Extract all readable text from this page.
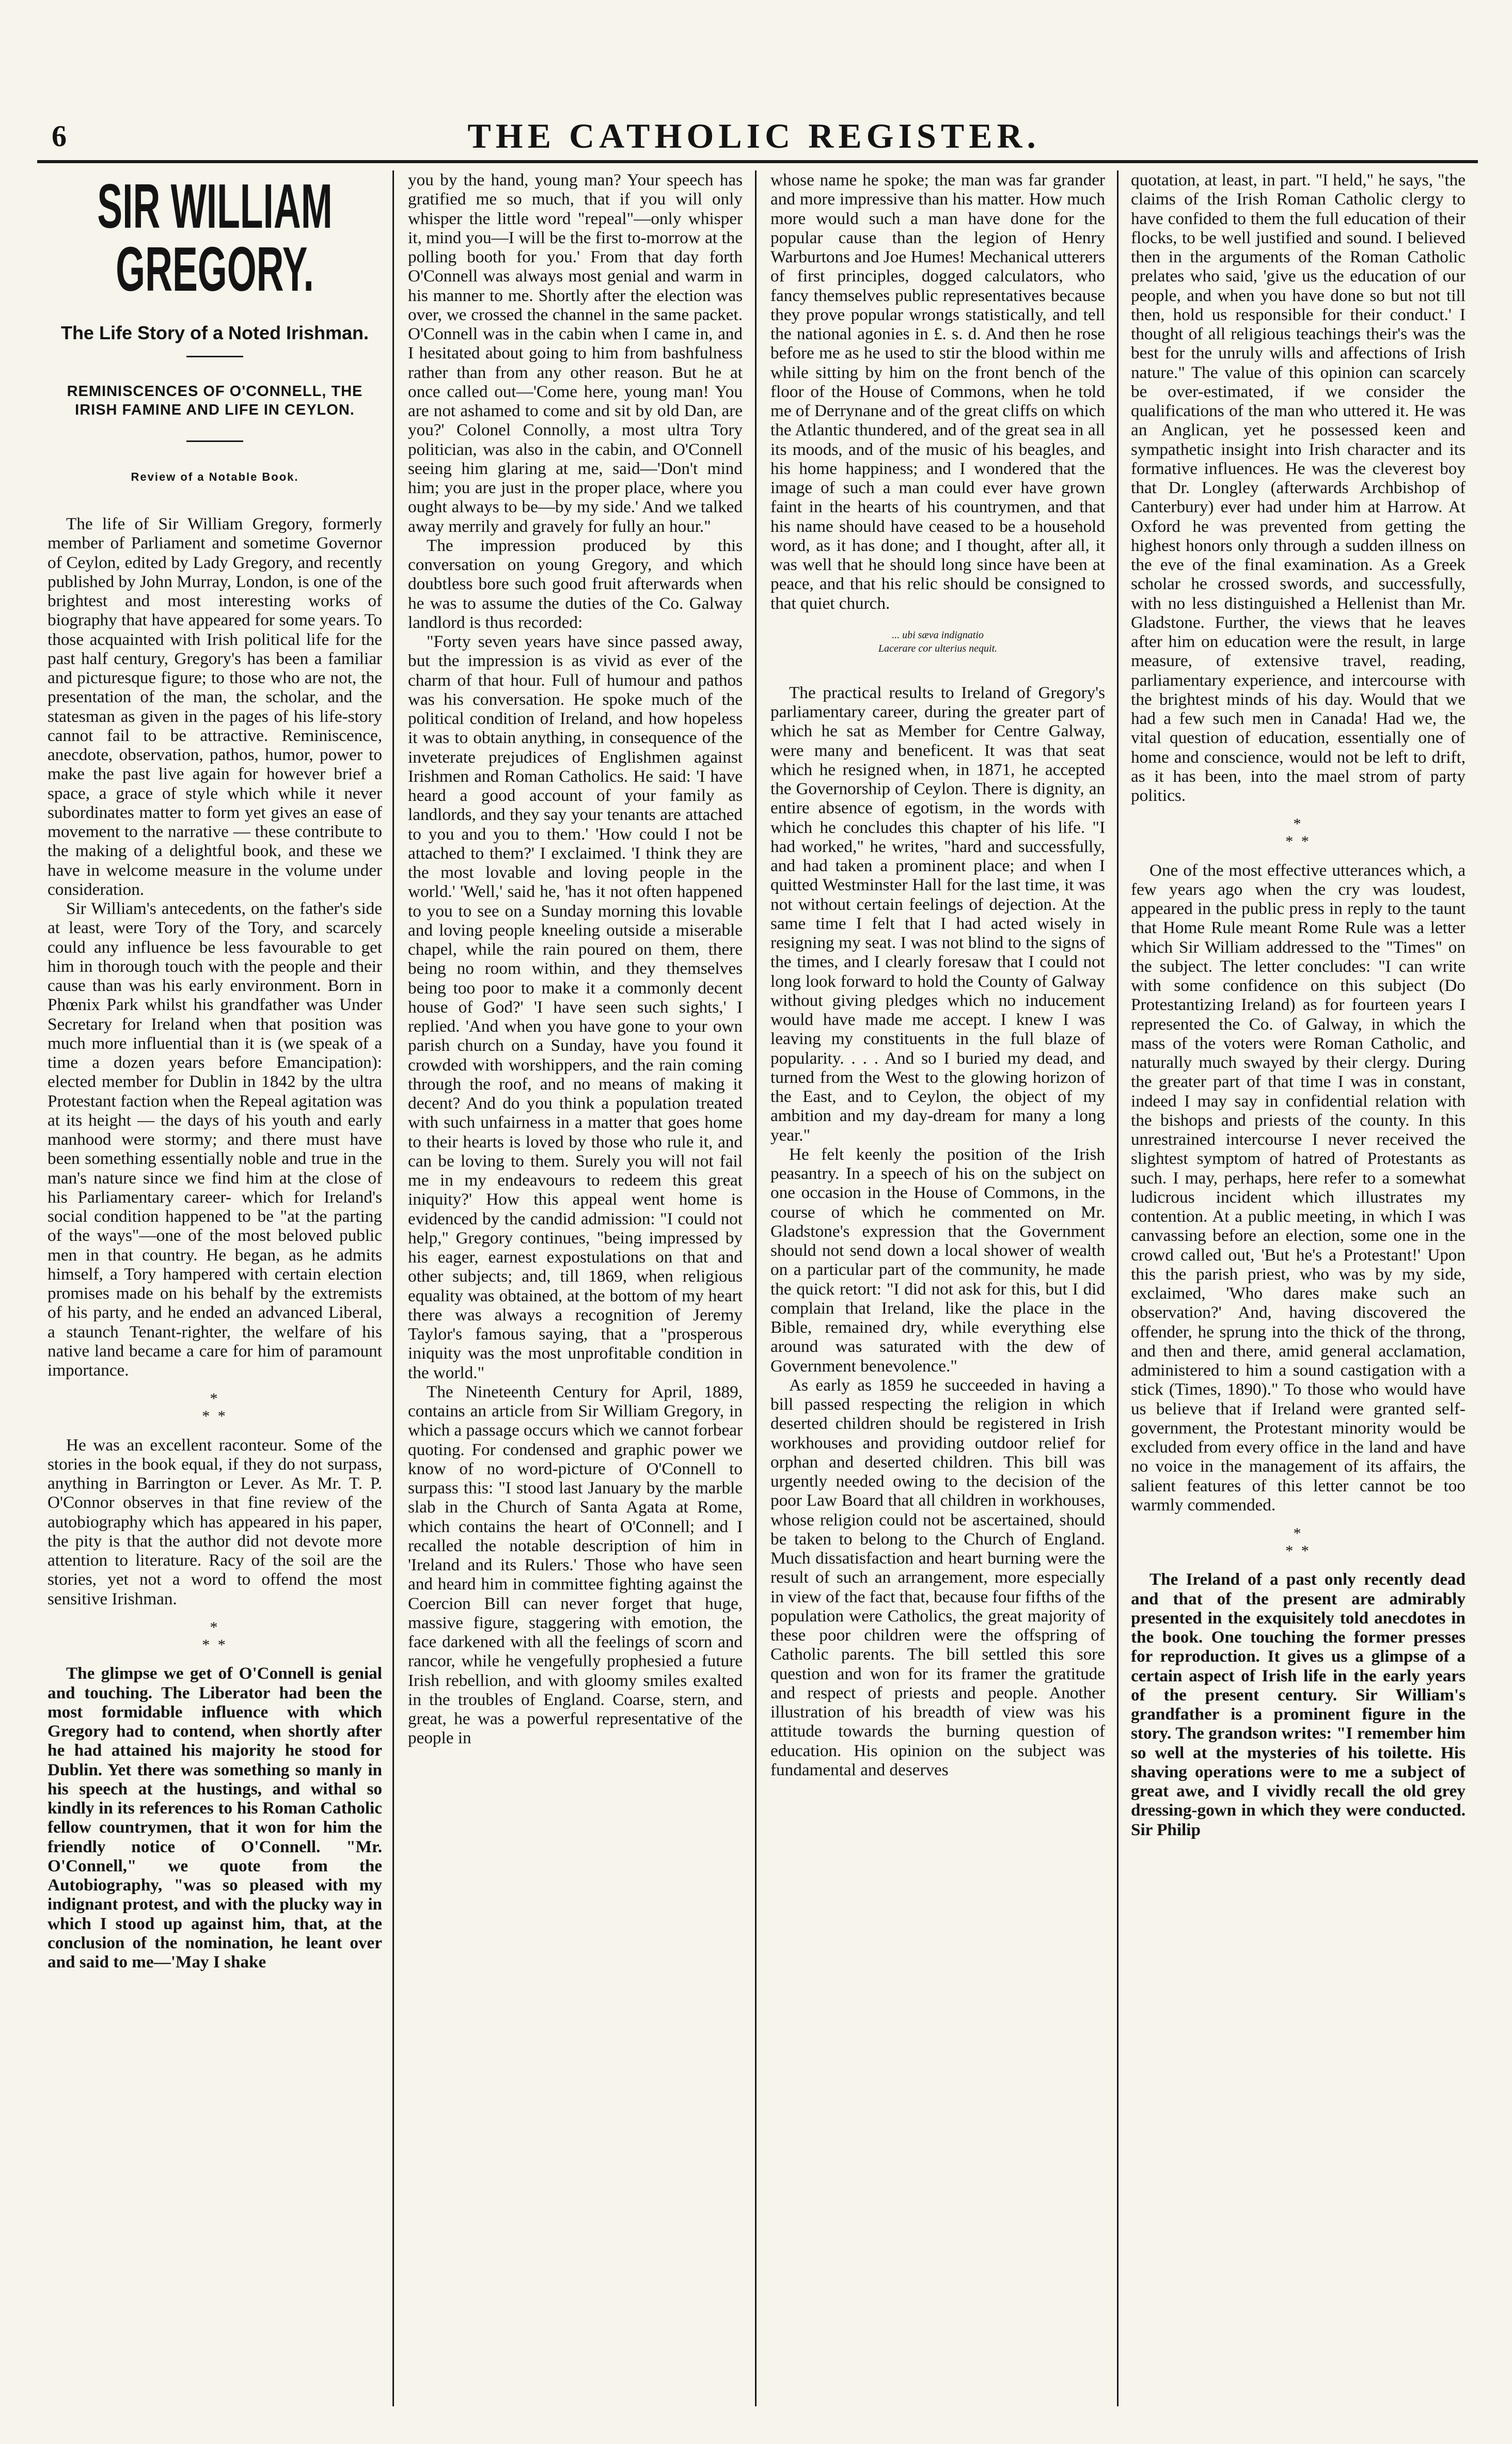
6	THE CATHOLIC REGISTER.
SIR WILLIAM GREGORY.
The Life Story of a Noted Irishman.
REMINISCENCES OF O'CONNELL, THE IRISH FAMINE AND LIFE IN CEYLON.
Review of a Notable Book.

The life of Sir William Gregory, formerly member of Parliament and sometime Governor of Ceylon, edited by Lady Gregory, and recently published by John Murray, London, is one of the brightest and most interesting works of biography that have appeared for some years. To those acquainted with Irish political life for the past half century, Gregory's has been a familiar and picturesque figure; to those who are not, the presentation of the man, the scholar, and the statesman as given in the pages of his life-story cannot fail to be attractive. Reminiscence, anecdote, observation, pathos, humor, power to make the past live again for however brief a space, a grace of style which while it never subordinates matter to form yet gives an ease of movement to the narrative — these contribute to the making of a delightful book, and these we have in welcome measure in the volume under consideration.

Sir William's antecedents, on the father's side at least, were Tory of the Tory, and scarcely could any influence be less favourable to get him in thorough touch with the people and their cause than was his early environment. Born in Phœnix Park whilst his grandfather was Under Secretary for Ireland when that position was much more influential than it is (we speak of a time a dozen years before Emancipation): elected member for Dublin in 1842 by the ultra Protestant faction when the Repeal agitation was at its height — the days of his youth and early manhood were stormy; and there must have been something essentially noble and true in the man's nature since we find him at the close of his Parliamentary career- which for Ireland's social condition happened to be "at the parting of the ways"—one of the most beloved public men in that country. He began, as he admits himself, a Tory hampered with certain election promises made on his behalf by the extremists of his party, and he ended an advanced Liberal, a staunch Tenant-righter, the welfare of his native land became a care for him of paramount importance.

*
* *

He was an excellent raconteur. Some of the stories in the book equal, if they do not surpass, anything in Barrington or Lever. As Mr. T. P. O'Connor observes in that fine review of the autobiography which has appeared in his paper, the pity is that the author did not devote more attention to literature. Racy of the soil are the stories, yet not a word to offend the most sensitive Irishman.

*
* *

The glimpse we get of O'Connell is genial and touching. The Liberator had been the most formidable influence with which Gregory had to contend, when shortly after he had attained his majority he stood for Dublin. Yet there was something so manly in his speech at the hustings, and withal so kindly in its references to his Roman Catholic fellow countrymen, that it won for him the friendly notice of O'Connell. "Mr. O'Connell," we quote from the Autobiography, "was so pleased with my indignant protest, and with the plucky way in which I stood up against him, that, at the conclusion of the nomination, he leant over and said to me—'May I shake

you by the hand, young man? Your speech has gratified me so much, that if you will only whisper the little word "repeal"—only whisper it, mind you—I will be the first to-morrow at the polling booth for you.' From that day forth O'Connell was always most genial and warm in his manner to me. Shortly after the election was over, we crossed the channel in the same packet. O'Connell was in the cabin when I came in, and I hesitated about going to him from bashfulness rather than from any other reason. But he at once called out—'Come here, young man! You are not ashamed to come and sit by old Dan, are you?' Colonel Connolly, a most ultra Tory politician, was also in the cabin, and O'Connell seeing him glaring at me, said—'Don't mind him; you are just in the proper place, where you ought always to be—by my side.' And we talked away merrily and gravely for fully an hour."

The impression produced by this conversation on young Gregory, and which doubtless bore such good fruit afterwards when he was to assume the duties of the Co. Galway landlord is thus recorded:

"Forty seven years have since passed away, but the impression is as vivid as ever of the charm of that hour. Full of humour and pathos was his conversation. He spoke much of the political condition of Ireland, and how hopeless it was to obtain anything, in consequence of the inveterate prejudices of Englishmen against Irishmen and Roman Catholics. He said: 'I have heard a good account of your family as landlords, and they say your tenants are attached to you and you to them.' 'How could I not be attached to them?' I exclaimed. 'I think they are the most lovable and loving people in the world.' 'Well,' said he, 'has it not often happened to you to see on a Sunday morning this lovable and loving people kneeling outside a miserable chapel, while the rain poured on them, there being no room within, and they themselves being too poor to make it a commonly decent house of God?' 'I have seen such sights,' I replied. 'And when you have gone to your own parish church on a Sunday, have you found it crowded with worshippers, and the rain coming through the roof, and no means of making it decent? And do you think a population treated with such unfairness in a matter that goes home to their hearts is loved by those who rule it, and can be loving to them. Surely you will not fail me in my endeavours to redeem this great iniquity?' How this appeal went home is evidenced by the candid admission: "I could not help," Gregory continues, "being impressed by his eager, earnest expostulations on that and other subjects; and, till 1869, when religious equality was obtained, at the bottom of my heart there was always a recognition of Jeremy Taylor's famous saying, that a "prosperous iniquity was the most unprofitable condition in the world."

The Nineteenth Century for April, 1889, contains an article from Sir William Gregory, in which a passage occurs which we cannot forbear quoting. For condensed and graphic power we know of no word-picture of O'Connell to surpass this: "I stood last January by the marble slab in the Church of Santa Agata at Rome, which contains the heart of O'Connell; and I recalled the notable description of him in 'Ireland and its Rulers.' Those who have seen and heard him in committee fighting against the Coercion Bill can never forget that huge, massive figure, staggering with emotion, the face darkened with all the feelings of scorn and rancor, while he vengefully prophesied a future Irish rebellion, and with gloomy smiles exalted in the troubles of England. Coarse, stern, and great, he was a powerful representative of the people in

whose name he spoke; the man was far grander and more impressive than his matter. How much more would such a man have done for the popular cause than the legion of Henry Warburtons and Joe Humes! Mechanical utterers of first principles, dogged calculators, who fancy themselves public representatives because they prove popular wrongs statistically, and tell the national agonies in £. s. d. And then he rose before me as he used to stir the blood within me while sitting by him on the front bench of the floor of the House of Commons, when he told me of Derrynane and of the great cliffs on which the Atlantic thundered, and of the great sea in all its moods, and of the music of his beagles, and his home happiness; and I wondered that the image of such a man could ever have grown faint in the hearts of his countrymen, and that his name should have ceased to be a household word, as it has done; and I thought, after all, it was well that he should long since have been at peace, and that his relic should be consigned to that quiet church.

... ubi sæva indignatio
Lacerare cor ulterius nequit.

The practical results to Ireland of Gregory's parliamentary career, during the greater part of which he sat as Member for Centre Galway, were many and beneficent. It was that seat which he resigned when, in 1871, he accepted the Governorship of Ceylon. There is dignity, an entire absence of egotism, in the words with which he concludes this chapter of his life. "I had worked," he writes, "hard and successfully, and had taken a prominent place; and when I quitted Westminster Hall for the last time, it was not without certain feelings of dejection. At the same time I felt that I had acted wisely in resigning my seat. I was not blind to the signs of the times, and I clearly foresaw that I could not long look forward to hold the County of Galway without giving pledges which no inducement would have made me accept. I knew I was leaving my constituents in the full blaze of popularity. . . . And so I buried my dead, and turned from the West to the glowing horizon of the East, and to Ceylon, the object of my ambition and my day-dream for many a long year."

He felt keenly the position of the Irish peasantry. In a speech of his on the subject on one occasion in the House of Commons, in the course of which he commented on Mr. Gladstone's expression that the Government should not send down a local shower of wealth on a particular part of the community, he made the quick retort: "I did not ask for this, but I did complain that Ireland, like the place in the Bible, remained dry, while everything else around was saturated with the dew of Government benevolence."

As early as 1859 he succeeded in having a bill passed respecting the religion in which deserted children should be registered in Irish workhouses and providing outdoor relief for orphan and deserted children. This bill was urgently needed owing to the decision of the poor Law Board that all children in workhouses, whose religion could not be ascertained, should be taken to belong to the Church of England. Much dissatisfaction and heart burning were the result of such an arrangement, more especially in view of the fact that, because four fifths of the population were Catholics, the great majority of these poor children were the offspring of Catholic parents. The bill settled this sore question and won for its framer the gratitude and respect of priests and people. Another illustration of his breadth of view was his attitude towards the burning question of education. His opinion on the subject was fundamental and deserves

quotation, at least, in part. "I held," he says, "the claims of the Irish Roman Catholic clergy to have confided to them the full education of their flocks, to be well justified and sound. I believed then in the arguments of the Roman Catholic prelates who said, 'give us the education of our people, and when you have done so but not till then, hold us responsible for their conduct.' I thought of all religious teachings their's was the best for the unruly wills and affections of Irish nature." The value of this opinion can scarcely be over-estimated, if we consider the qualifications of the man who uttered it. He was an Anglican, yet he possessed keen and sympathetic insight into Irish character and its formative influences. He was the cleverest boy that Dr. Longley (afterwards Archbishop of Canterbury) ever had under him at Harrow. At Oxford he was prevented from getting the highest honors only through a sudden illness on the eve of the final examination. As a Greek scholar he crossed swords, and successfully, with no less distinguished a Hellenist than Mr. Gladstone. Further, the views that he leaves after him on education were the result, in large measure, of extensive travel, reading, parliamentary experience, and intercourse with the brightest minds of his day. Would that we had a few such men in Canada! Had we, the vital question of education, essentially one of home and conscience, would not be left to drift, as it has been, into the mael strom of party politics.

*
* *

One of the most effective utterances which, a few years ago when the cry was loudest, appeared in the public press in reply to the taunt that Home Rule meant Rome Rule was a letter which Sir William addressed to the "Times" on the subject. The letter concludes: "I can write with some confidence on this subject (Do Protestantizing Ireland) as for fourteen years I represented the Co. of Galway, in which the mass of the voters were Roman Catholic, and naturally much swayed by their clergy. During the greater part of that time I was in constant, indeed I may say in confidential relation with the bishops and priests of the county. In this unrestrained intercourse I never received the slightest symptom of hatred of Protestants as such. I may, perhaps, here refer to a somewhat ludicrous incident which illustrates my contention. At a public meeting, in which I was canvassing before an election, some one in the crowd called out, 'But he's a Protestant!' Upon this the parish priest, who was by my side, exclaimed, 'Who dares make such an observation?' And, having discovered the offender, he sprung into the thick of the throng, and then and there, amid general acclamation, administered to him a sound castigation with a stick (Times, 1890)." To those who would have us believe that if Ireland were granted self-government, the Protestant minority would be excluded from every office in the land and have no voice in the management of its affairs, the salient features of this letter cannot be too warmly commended.

*
* *

The Ireland of a past only recently dead and that of the present are admirably presented in the exquisitely told anecdotes in the book. One touching the former presses for reproduction. It gives us a glimpse of a certain aspect of Irish life in the early years of the present century. Sir William's grandfather is a prominent figure in the story. The grandson writes: "I remember him so well at the mysteries of his toilette. His shaving operations were to me a subject of great awe, and I vividly recall the old grey dressing-gown in which they were conducted. Sir Philip
